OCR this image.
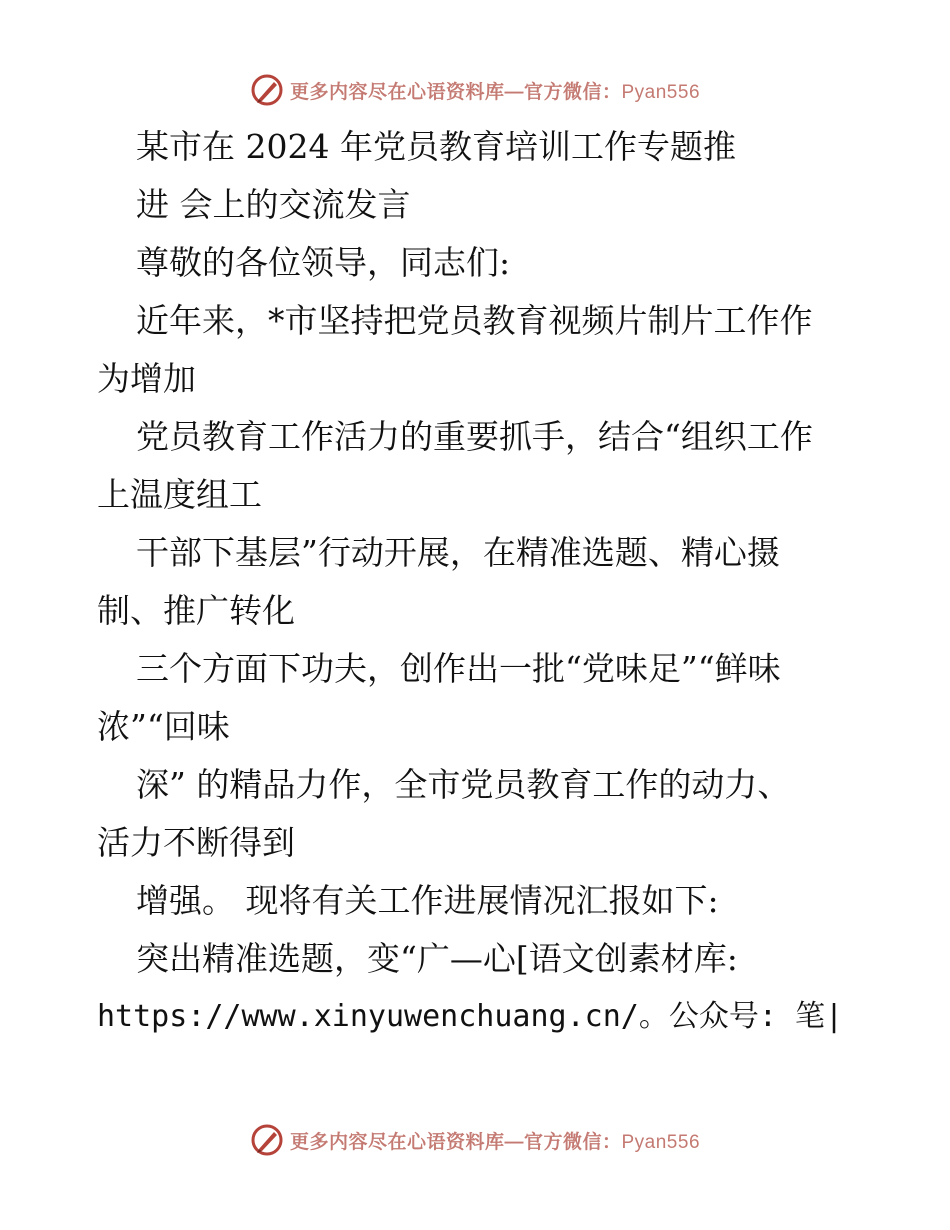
更多内容尽在心语资料库—官方微信：Pyan556
某市在 2024 年党员教育培训工作专题推
进 会上的交流发言
尊敬的各位领导，同志们:
近年来，*市坚持把党员教育视频片制片工作作
为增加
党员教育工作活力的重要抓手，结合“组织工作
上温度组工
干部下基层”行动开展，在精准选题、精心摄
制、推广转化
三个方面下功夫，创作出一批“党味足”“鲜味
浓”“回味
深” 的精品力作，全市党员教育工作的动力、
活力不断得到
增强。 现将有关工作进展情况汇报如下:
突出精准选题，变“广—心[语文创素材库:
https://www.xinyuwenchuang.cn/。公众号: 笔|
更多内容尽在心语资料库—官方微信：Pyan556
